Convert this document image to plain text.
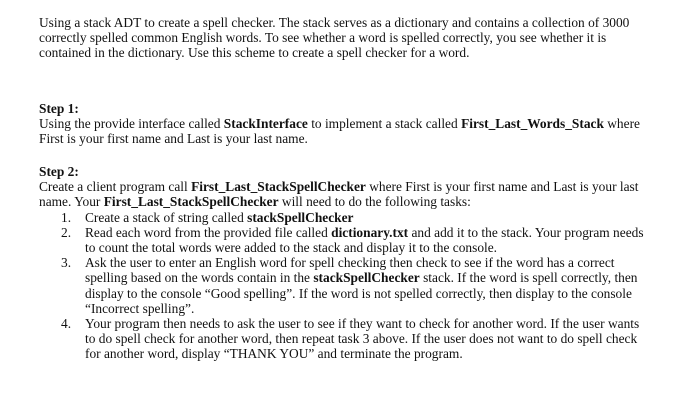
Using a stack ADT to create a spell checker. The stack serves as a dictionary and contains a collection of 3000 correctly spelled common English words. To see whether a word is spelled correctly, you see whether it is contained in the dictionary. Use this scheme to create a spell checker for a word.

Step 1:
Using the provide interface called StackInterface to implement a stack called First_Last_Words_Stack where First is your first name and Last is your last name.
Step 2:
Create a client program call First_Last_StackSpellChecker where First is your first name and Last is your last name. Your First_Last_StackSpellChecker will need to do the following tasks:
1. Create a stack of string called stackSpellChecker
2. Read each word from the provided file called dictionary.txt and add it to the stack. Your program needs to count the total words were added to the stack and display it to the console.
3. Ask the user to enter an English word for spell checking then check to see if the word has a correct spelling based on the words contain in the stackSpellChecker stack. If the word is spell correctly, then display to the console “Good spelling”. If the word is not spelled correctly, then display to the console “Incorrect spelling”.
4. Your program then needs to ask the user to see if they want to check for another word. If the user wants to do spell check for another word, then repeat task 3 above. If the user does not want to do spell check for another word, display “THANK YOU” and terminate the program.
